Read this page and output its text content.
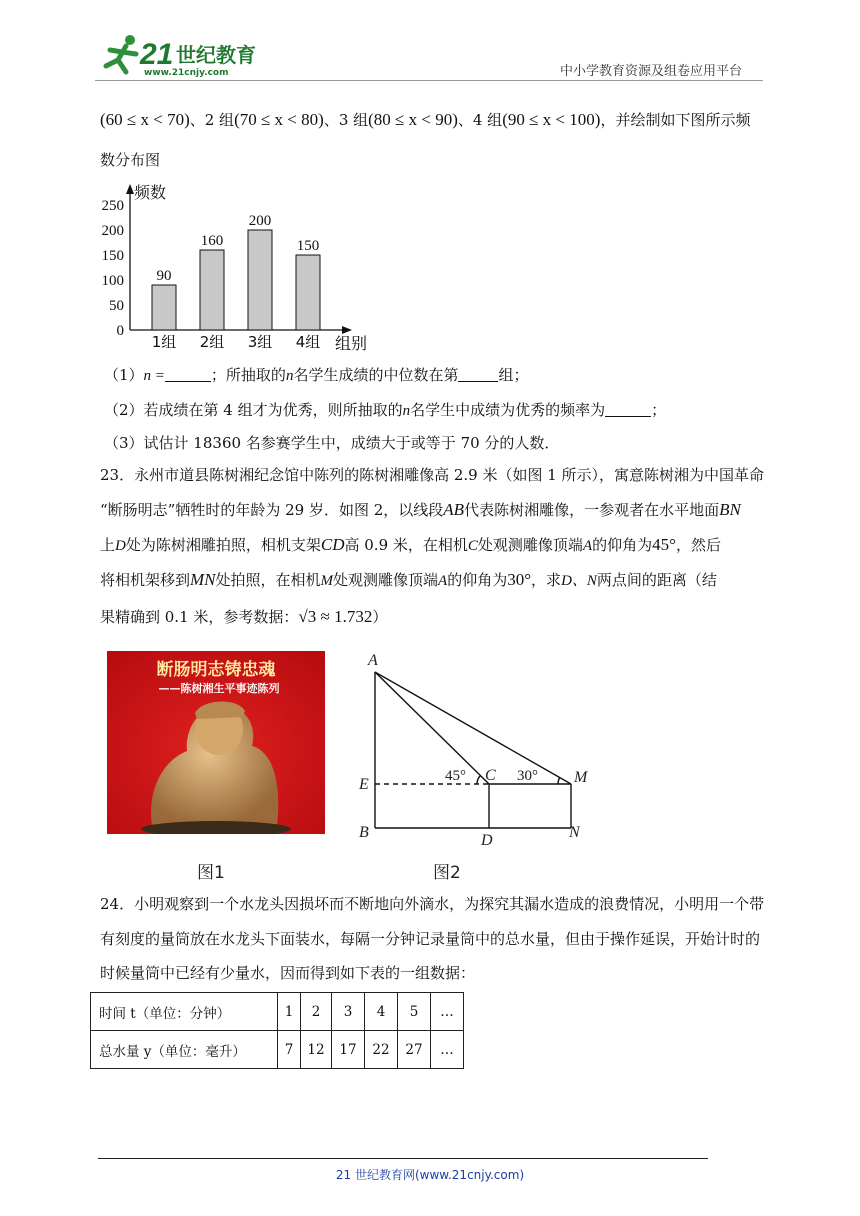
21 世纪教育
www.21cnjy.com	中小学教育资源及组卷应用平台
(60 ≤ x < 70)、2 组(70 ≤ x < 80)、3 组(80 ≤ x < 90)、4 组(90 ≤ x < 100)，并绘制如下图所示频
数分布图
0
50
100
150
200
250
频数
90
1组
160
2组
200
3组
150
4组 组别
（1）n =	；所抽取的n名学生成绩的中位数在第	组；
（2）若成绩在第 4 组才为优秀，则所抽取的n名学生中成绩为优秀的频率为	；
（3）试估计 18360 名参赛学生中，成绩大于或等于 70 分的人数．
23．永州市道县陈树湘纪念馆中陈列的陈树湘雕像高 2.9 米（如图 1 所示），寓意陈树湘为中国革命
“断肠明志”牺牲时的年龄为 29 岁．如图 2，以线段AB代表陈树湘雕像，一参观者在水平地面BN
上D处为陈树湘雕拍照，相机支架CD高 0.9 米，在相机C处观测雕像顶端A的仰角为45°，然后
将相机架移到MN处拍照，在相机M处观测雕像顶端A的仰角为30°，求D、N两点间的距离（结
果精确到 0.1 米，参考数据：√3 ≈ 1.732）
断肠明志铸忠魂
——陈树湘生平事迹陈列
A
E
B
C
D
M
N
45°	30°
图1	图2
24．小明观察到一个水龙头因损坏而不断地向外滴水，为探究其漏水造成的浪费情况，小明用一个带
有刻度的量筒放在水龙头下面装水，每隔一分钟记录量筒中的总水量，但由于操作延误，开始计时的
时候量筒中已经有少量水，因而得到如下表的一组数据：
时间 t（单位：分钟）	1	2	3	4	5	…
总水量 y（单位：毫升）	7	12	17	22	27	…
21 世纪教育网(www.21cnjy.com)
